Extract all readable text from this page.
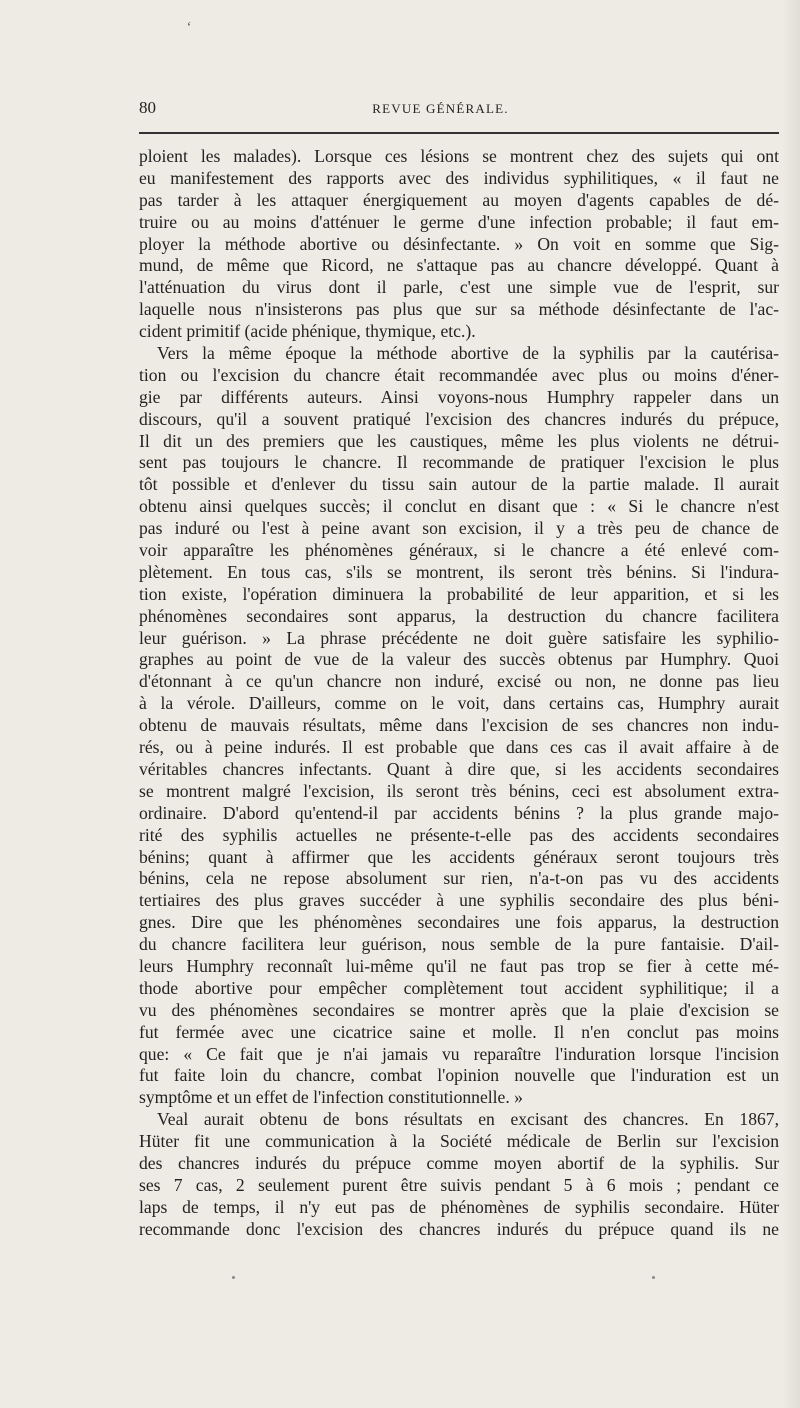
ʻ
80	REVUE GÉNÉRALE.
ploient les malades). Lorsque ces lésions se montrent chez des sujets qui ont
eu manifestement des rapports avec des individus syphilitiques, « il faut ne
pas tarder à les attaquer énergiquement au moyen d'agents capables de dé-
truire ou au moins d'atténuer le germe d'une infection probable; il faut em-
ployer la méthode abortive ou désinfectante. » On voit en somme que Sig-
mund, de même que Ricord, ne s'attaque pas au chancre développé. Quant à
l'atténuation du virus dont il parle, c'est une simple vue de l'esprit, sur
laquelle nous n'insisterons pas plus que sur sa méthode désinfectante de l'ac-
cident primitif (acide phénique, thymique, etc.).
Vers la même époque la méthode abortive de la syphilis par la cautérisa-
tion ou l'excision du chancre était recommandée avec plus ou moins d'éner-
gie par différents auteurs. Ainsi voyons-nous Humphry rappeler dans un
discours, qu'il a souvent pratiqué l'excision des chancres indurés du prépuce,
Il dit un des premiers que les caustiques, même les plus violents ne détrui-
sent pas toujours le chancre. Il recommande de pratiquer l'excision le plus
tôt possible et d'enlever du tissu sain autour de la partie malade. Il aurait
obtenu ainsi quelques succès; il conclut en disant que : « Si le chancre n'est
pas induré ou l'est à peine avant son excision, il y a très peu de chance de
voir apparaître les phénomènes généraux, si le chancre a été enlevé com-
plètement. En tous cas, s'ils se montrent, ils seront très bénins. Si l'indura-
tion existe, l'opération diminuera la probabilité de leur apparition, et si les
phénomènes secondaires sont apparus, la destruction du chancre facilitera
leur guérison. » La phrase précédente ne doit guère satisfaire les syphilio-
graphes au point de vue de la valeur des succès obtenus par Humphry. Quoi
d'étonnant à ce qu'un chancre non induré, excisé ou non, ne donne pas lieu
à la vérole. D'ailleurs, comme on le voit, dans certains cas, Humphry aurait
obtenu de mauvais résultats, même dans l'excision de ses chancres non indu-
rés, ou à peine indurés. Il est probable que dans ces cas il avait affaire à de
véritables chancres infectants. Quant à dire que, si les accidents secondaires
se montrent malgré l'excision, ils seront très bénins, ceci est absolument extra-
ordinaire. D'abord qu'entend-il par accidents bénins ? la plus grande majo-
rité des syphilis actuelles ne présente-t-elle pas des accidents secondaires
bénins; quant à affirmer que les accidents généraux seront toujours très
bénins, cela ne repose absolument sur rien, n'a-t-on pas vu des accidents
tertiaires des plus graves succéder à une syphilis secondaire des plus béni-
gnes. Dire que les phénomènes secondaires une fois apparus, la destruction
du chancre facilitera leur guérison, nous semble de la pure fantaisie. D'ail-
leurs Humphry reconnaît lui-même qu'il ne faut pas trop se fier à cette mé-
thode abortive pour empêcher complètement tout accident syphilitique; il a
vu des phénomènes secondaires se montrer après que la plaie d'excision se
fut fermée avec une cicatrice saine et molle. Il n'en conclut pas moins
que: « Ce fait que je n'ai jamais vu reparaître l'induration lorsque l'incision
fut faite loin du chancre, combat l'opinion nouvelle que l'induration est un
symptôme et un effet de l'infection constitutionnelle. »
Veal aurait obtenu de bons résultats en excisant des chancres. En 1867,
Hüter fit une communication à la Société médicale de Berlin sur l'excision
des chancres indurés du prépuce comme moyen abortif de la syphilis. Sur
ses 7 cas, 2 seulement purent être suivis pendant 5 à 6 mois ; pendant ce
laps de temps, il n'y eut pas de phénomènes de syphilis secondaire. Hüter
recommande donc l'excision des chancres indurés du prépuce quand ils ne
